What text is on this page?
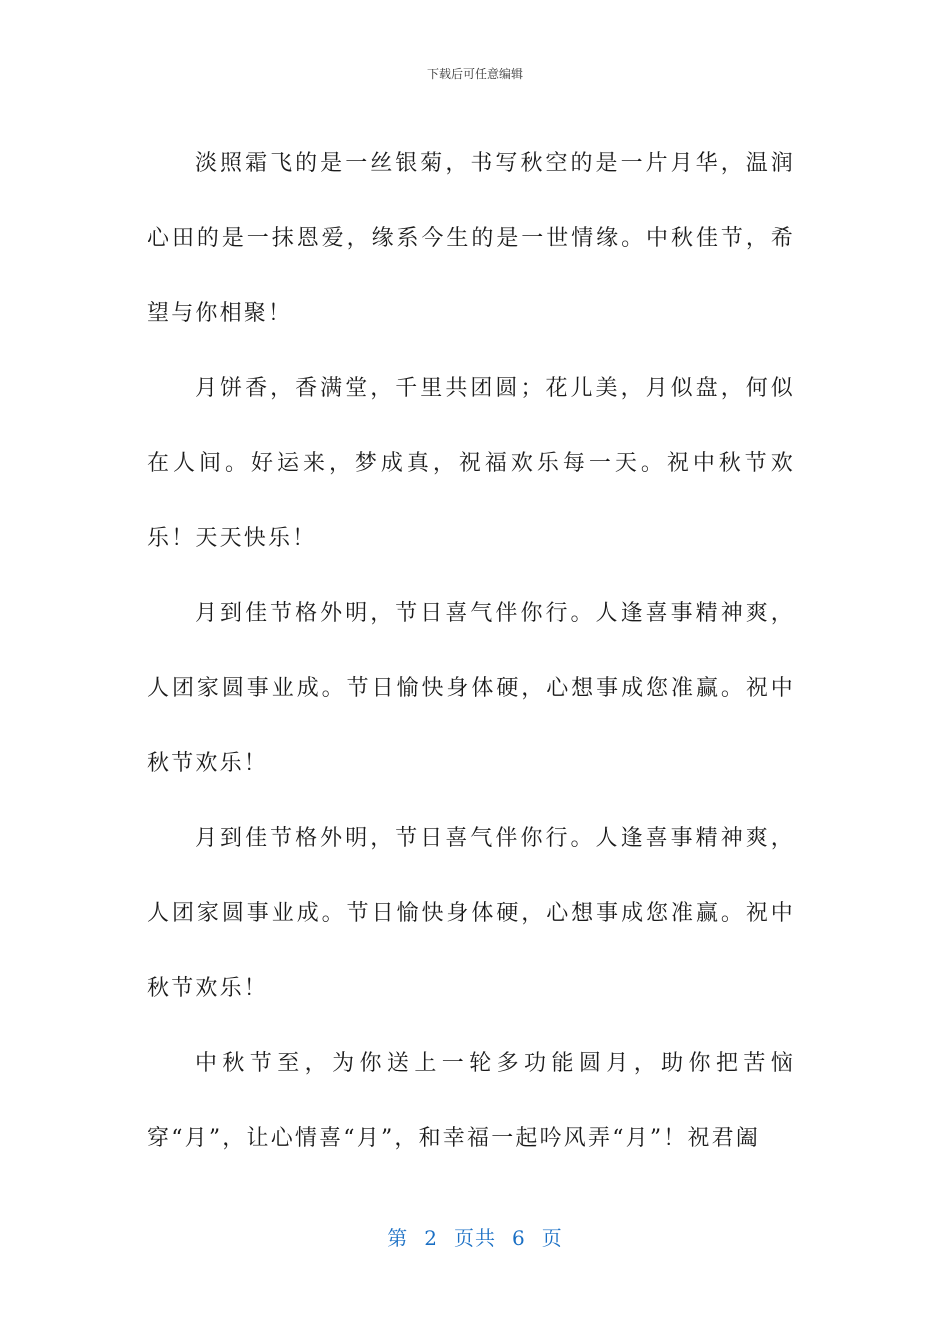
下载后可任意编辑

淡照霜飞的是一丝银菊，书写秋空的是一片月华，温润心田的是一抹恩爱，缘系今生的是一世情缘。中秋佳节，希望与你相聚！

月饼香，香满堂，千里共团圆；花儿美，月似盘，何似在人间。好运来，梦成真，祝福欢乐每一天。祝中秋节欢乐！天天快乐！

月到佳节格外明，节日喜气伴你行。人逢喜事精神爽，人团家圆事业成。节日愉快身体硬，心想事成您准赢。祝中秋节欢乐！

月到佳节格外明，节日喜气伴你行。人逢喜事精神爽，人团家圆事业成。节日愉快身体硬，心想事成您准赢。祝中秋节欢乐！

中秋节至，为你送上一轮多功能圆月，助你把苦恼穿“月”，让心情喜“月”，和幸福一起吟风弄“月”！祝君阖

第 2 页共 6 页
